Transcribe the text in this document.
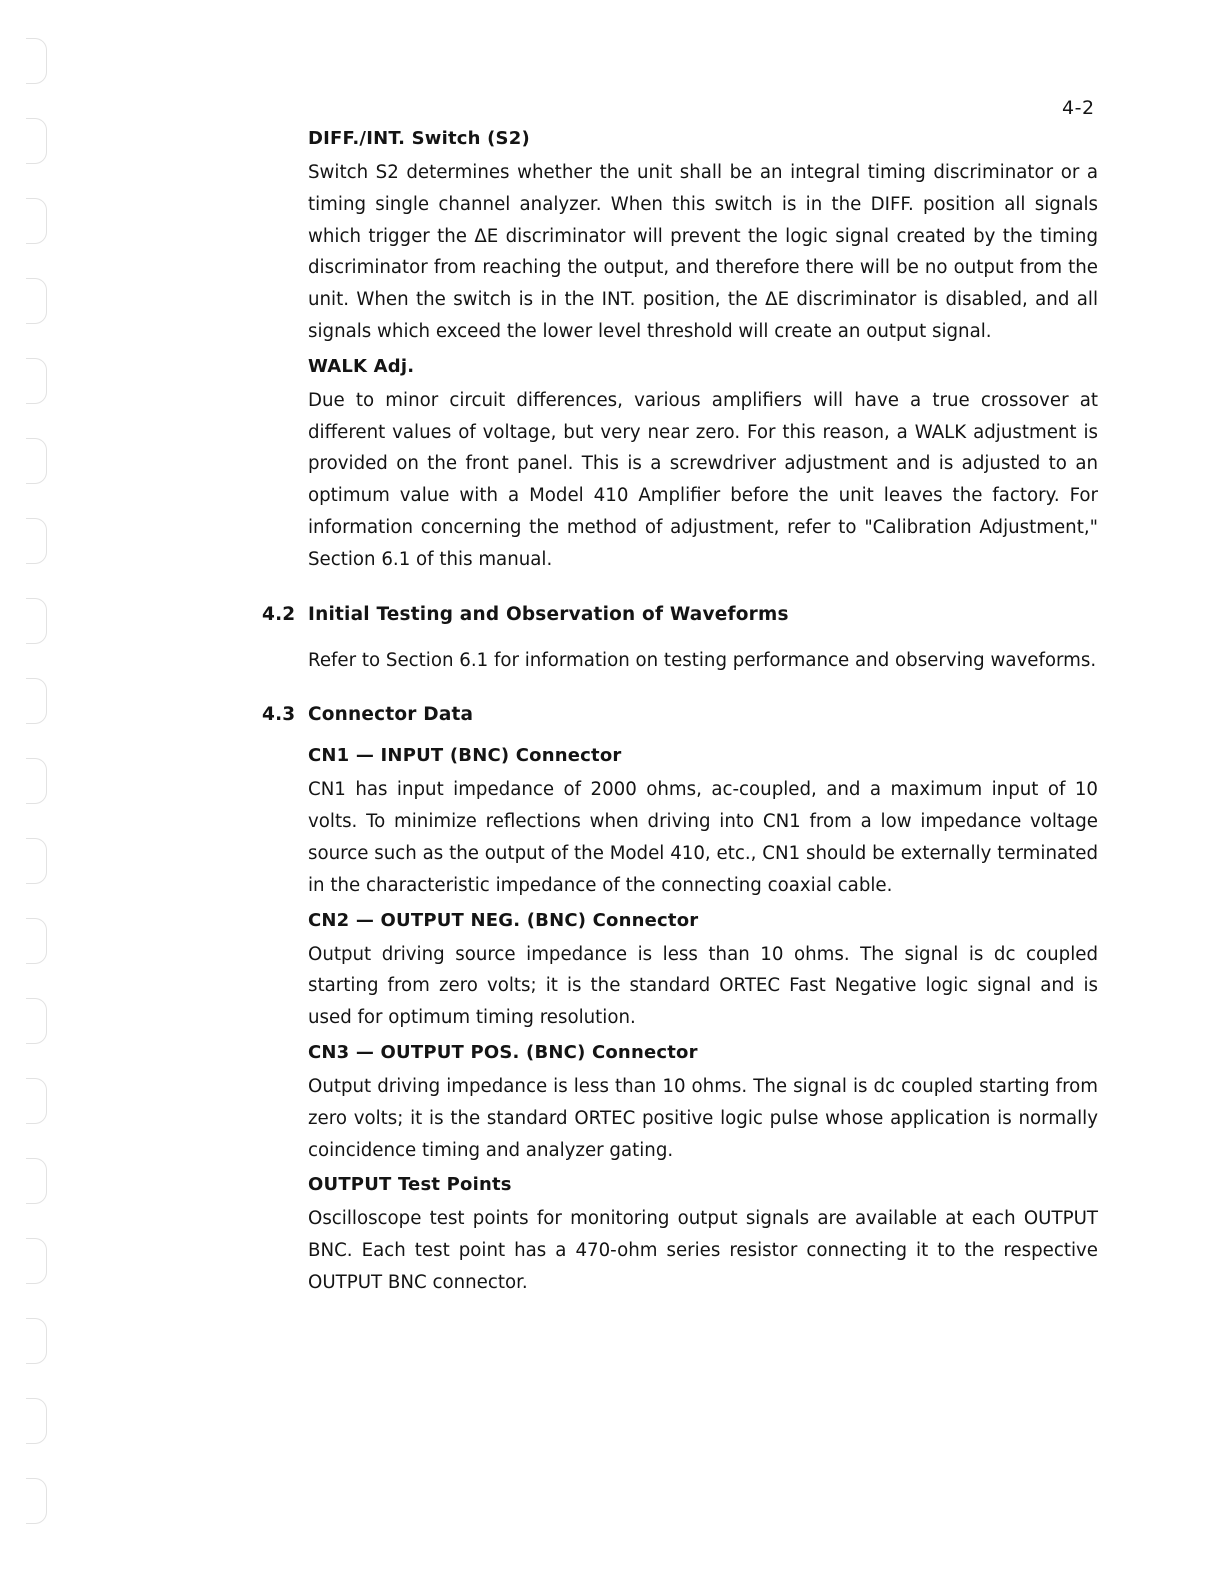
4-2
DIFF./INT. Switch (S2)

Switch S2 determines whether the unit shall be an integral timing discriminator or a timing single channel analyzer. When this switch is in the DIFF. position all signals which trigger the ΔE discriminator will prevent the logic signal created by the timing discriminator from reaching the output, and therefore there will be no output from the unit. When the switch is in the INT. position, the ΔE discriminator is disabled, and all signals which exceed the lower level threshold will create an output signal.

WALK Adj.

Due to minor circuit differences, various amplifiers will have a true crossover at different values of voltage, but very near zero. For this reason, a WALK adjustment is provided on the front panel. This is a screwdriver adjustment and is adjusted to an optimum value with a Model 410 Amplifier before the unit leaves the factory. For information concerning the method of adjustment, refer to "Calibration Adjustment," Section 6.1 of this manual.

4.2 Initial Testing and Observation of Waveforms

Refer to Section 6.1 for information on testing performance and observing waveforms.

4.3 Connector Data
CN1 — INPUT (BNC) Connector

CN1 has input impedance of 2000 ohms, ac-coupled, and a maximum input of 10 volts. To minimize reflections when driving into CN1 from a low impedance voltage source such as the output of the Model 410, etc., CN1 should be externally terminated in the characteristic impedance of the connecting coaxial cable.

CN2 — OUTPUT NEG. (BNC) Connector

Output driving source impedance is less than 10 ohms. The signal is dc coupled starting from zero volts; it is the standard ORTEC Fast Negative logic signal and is used for optimum timing resolution.

CN3 — OUTPUT POS. (BNC) Connector

Output driving impedance is less than 10 ohms. The signal is dc coupled starting from zero volts; it is the standard ORTEC positive logic pulse whose application is normally coincidence timing and analyzer gating.

OUTPUT Test Points

Oscilloscope test points for monitoring output signals are available at each OUTPUT BNC. Each test point has a 470-ohm series resistor connecting it to the respective OUTPUT BNC connector.
